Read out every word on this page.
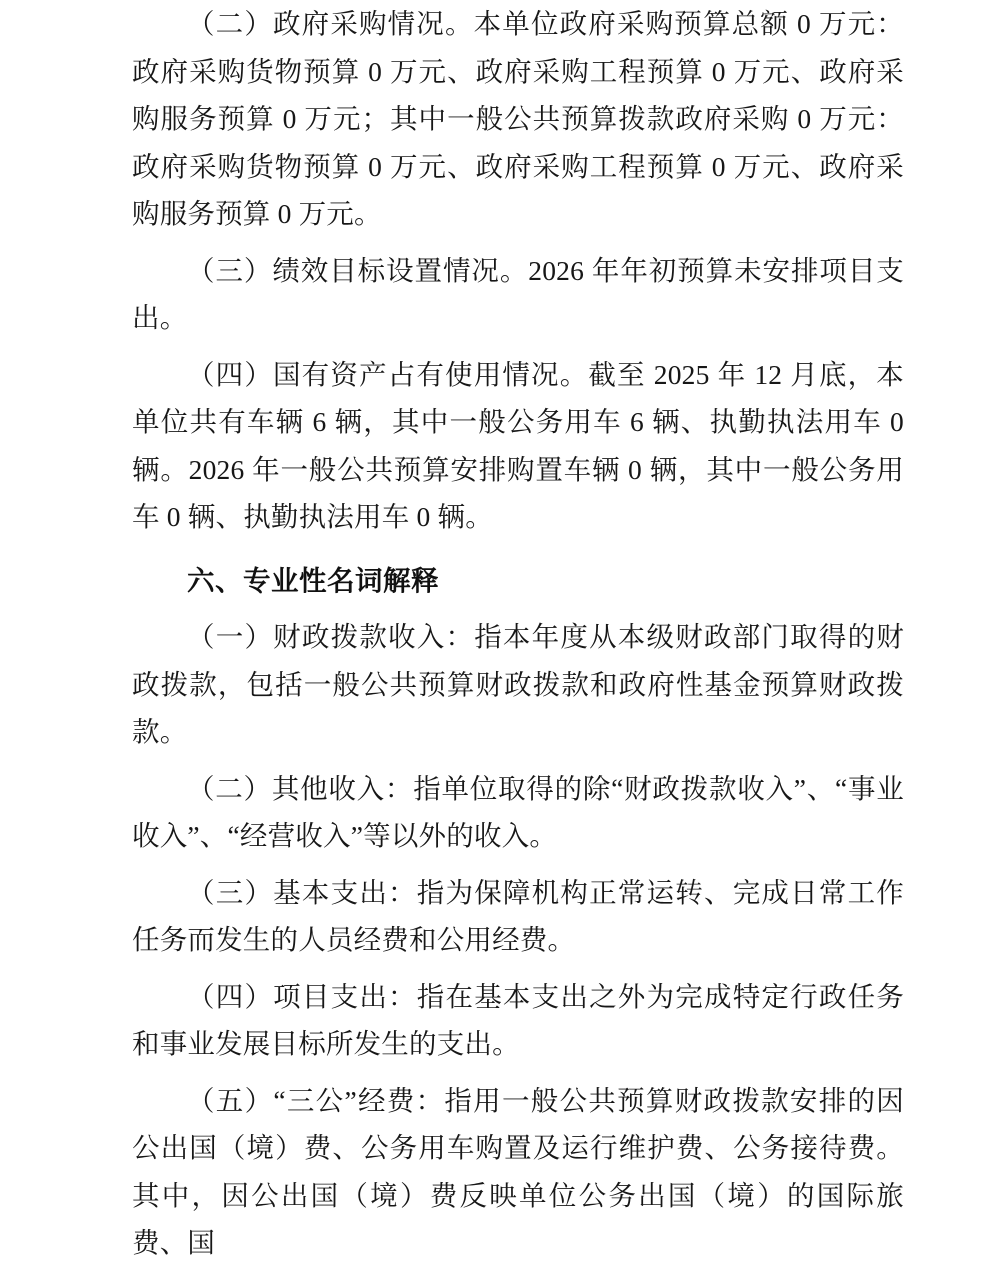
（二）政府采购情况。本单位政府采购预算总额 0 万元：政府采购货物预算 0 万元、政府采购工程预算 0 万元、政府采购服务预算 0 万元；其中一般公共预算拨款政府采购 0 万元：政府采购货物预算 0 万元、政府采购工程预算 0 万元、政府采购服务预算 0 万元。

（三）绩效目标设置情况。2026 年年初预算未安排项目支出。

（四）国有资产占有使用情况。截至 2025 年 12 月底，本单位共有车辆 6 辆，其中一般公务用车 6 辆、执勤执法用车 0 辆。2026 年一般公共预算安排购置车辆 0 辆，其中一般公务用车 0 辆、执勤执法用车 0 辆。

六、专业性名词解释

（一）财政拨款收入：指本年度从本级财政部门取得的财政拨款，包括一般公共预算财政拨款和政府性基金预算财政拨款。

（二）其他收入：指单位取得的除“财政拨款收入”、“事业收入”、“经营收入”等以外的收入。

（三）基本支出：指为保障机构正常运转、完成日常工作任务而发生的人员经费和公用经费。

（四）项目支出：指在基本支出之外为完成特定行政任务和事业发展目标所发生的支出。

（五）“三公”经费：指用一般公共预算财政拨款安排的因公出国（境）费、公务用车购置及运行维护费、公务接待费。其中，因公出国（境）费反映单位公务出国（境）的国际旅费、国
